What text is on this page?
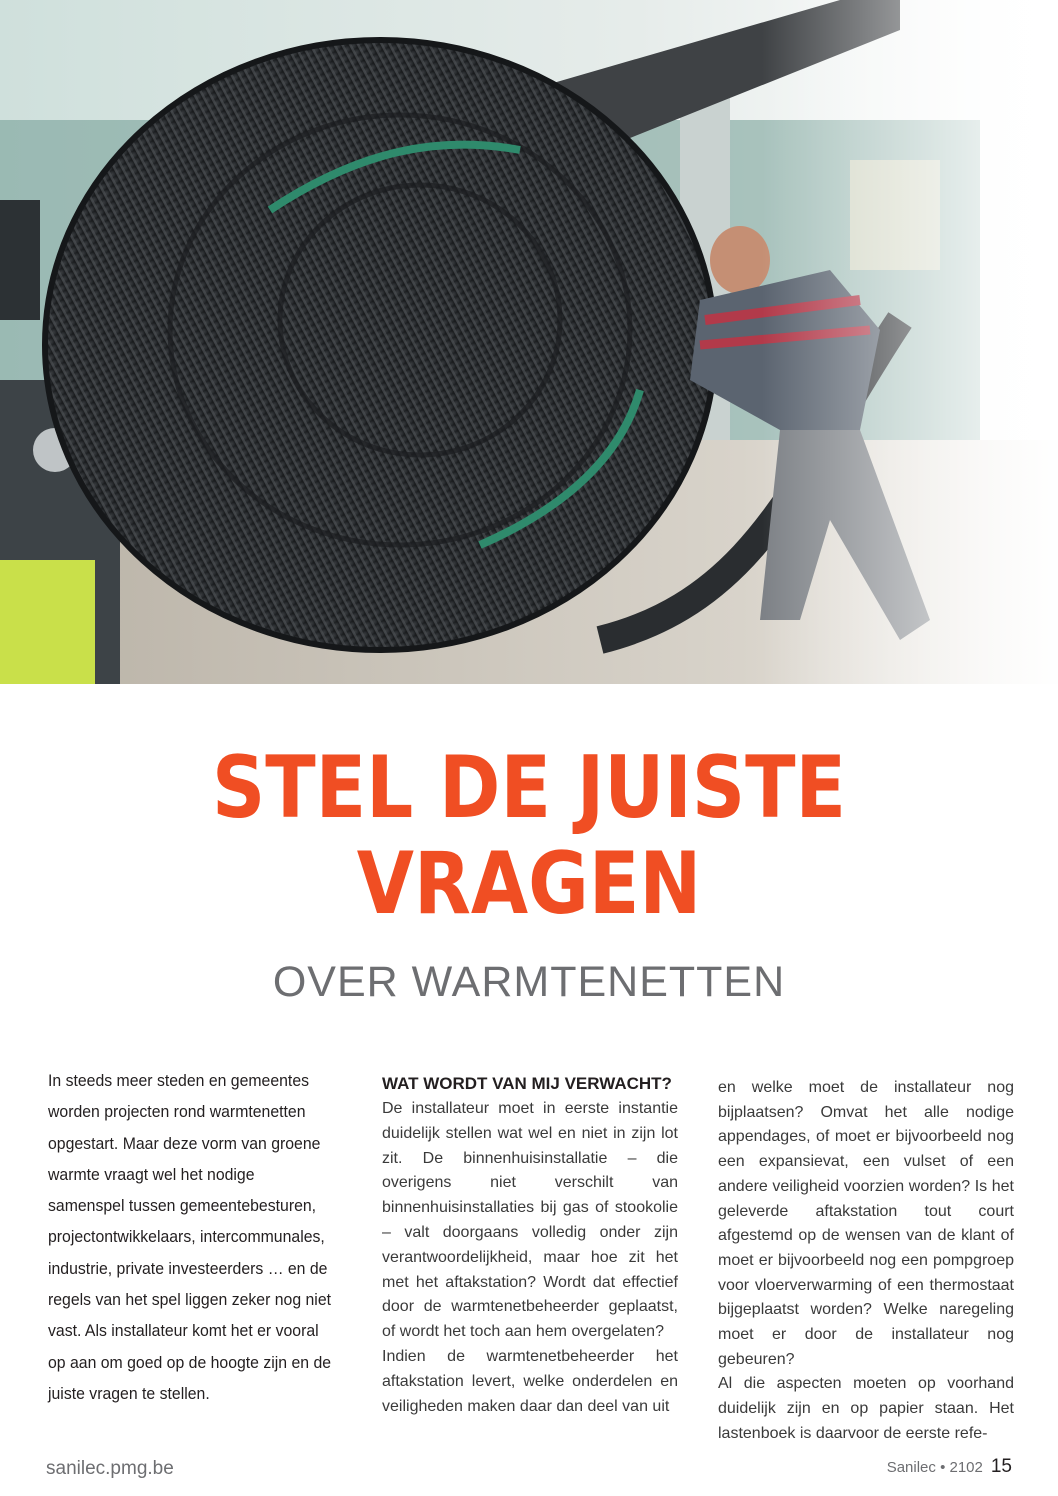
STEL DE JUISTE
VRAGEN
OVER WARMTENETTEN

In steeds meer steden en gemeentes worden projecten rond warmtenetten opgestart. Maar deze vorm van groene warmte vraagt wel het nodige samenspel tussen gemeentebesturen, projectontwikkelaars, intercommunales, industrie, private investeerders … en de regels van het spel liggen zeker nog niet vast. Als installateur komt het er vooral op aan om goed op de hoogte zijn en de juiste vragen te stellen.

WAT WORDT VAN MIJ VERWACHT?

De installateur moet in eerste instantie duidelijk stellen wat wel en niet in zijn lot zit. De binnenhuisinstallatie – die overigens niet verschilt van binnenhuisinstallaties bij gas of stookolie – valt doorgaans volledig onder zijn verantwoordelijkheid, maar hoe zit het met het aftakstation? Wordt dat effectief door de warmtenetbeheerder geplaatst, of wordt het toch aan hem overgelaten?

Indien de warmtenetbeheerder het aftakstation levert, welke onderdelen en veiligheden maken daar dan deel van uit

en welke moet de installateur nog bijplaatsen? Omvat het alle nodige appendages, of moet er bijvoorbeeld nog een expansievat, een vulset of een andere veiligheid voorzien worden? Is het geleverde aftakstation tout court afgestemd op de wensen van de klant of moet er bijvoorbeeld nog een pompgroep voor vloerverwarming of een thermostaat bijgeplaatst worden? Welke naregeling moet er door de installateur nog gebeuren?

Al die aspecten moeten op voorhand duidelijk zijn en op papier staan. Het lastenboek is daarvoor de eerste refe-

sanilec.pmg.be	Sanilec • 2102 15
